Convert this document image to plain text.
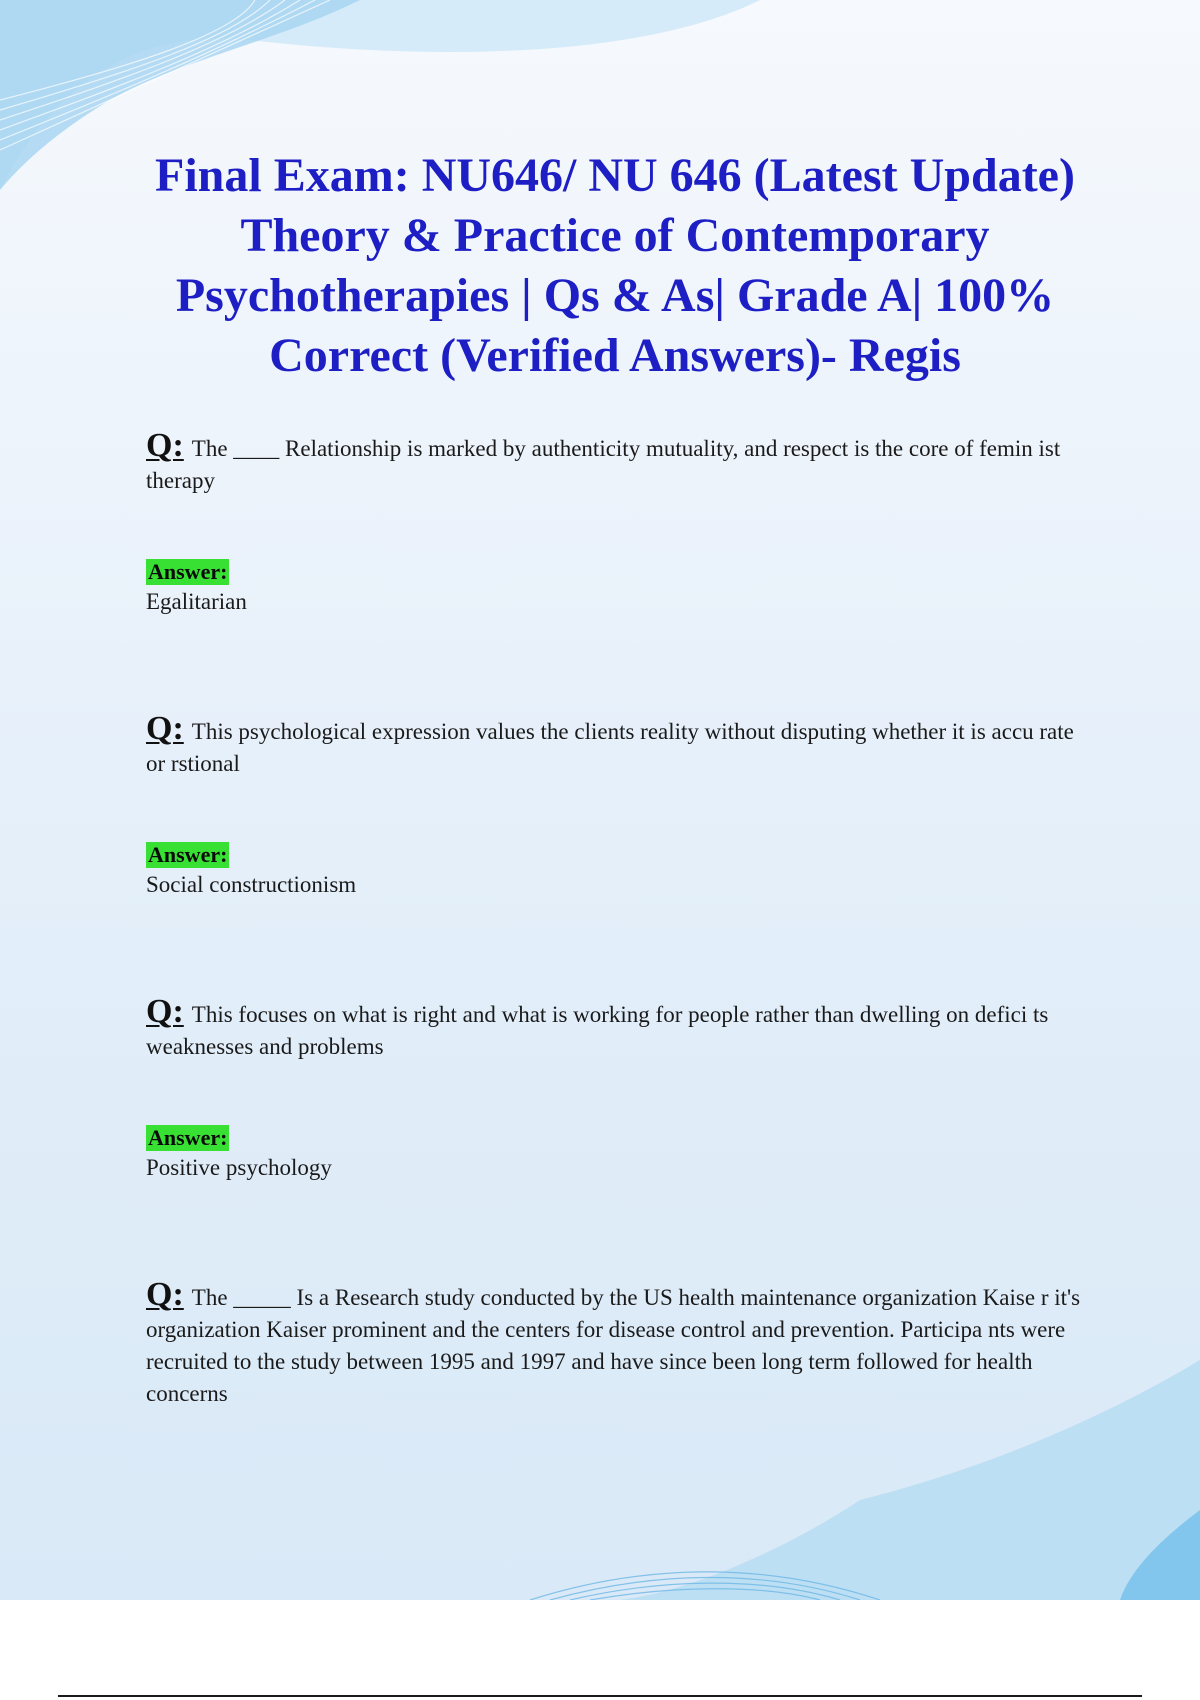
Final Exam: NU646/ NU 646 (Latest Update) Theory & Practice of Contemporary Psychotherapies | Qs & As| Grade A| 100% Correct (Verified Answers)- Regis

Q: The ____ Relationship is marked by authenticity mutuality, and respect is the core of femin ist therapy

Answer:
Egalitarian

Q: This psychological expression values the clients reality without disputing whether it is accu rate or rstional

Answer:
Social constructionism

Q: This focuses on what is right and what is working for people rather than dwelling on defici ts weaknesses and problems

Answer:
Positive psychology

Q: The _____ Is a Research study conducted by the US health maintenance organization Kaise r it's organization Kaiser prominent and the centers for disease control and prevention. Participa nts were recruited to the study between 1995 and 1997 and have since been long term followed for health concerns
